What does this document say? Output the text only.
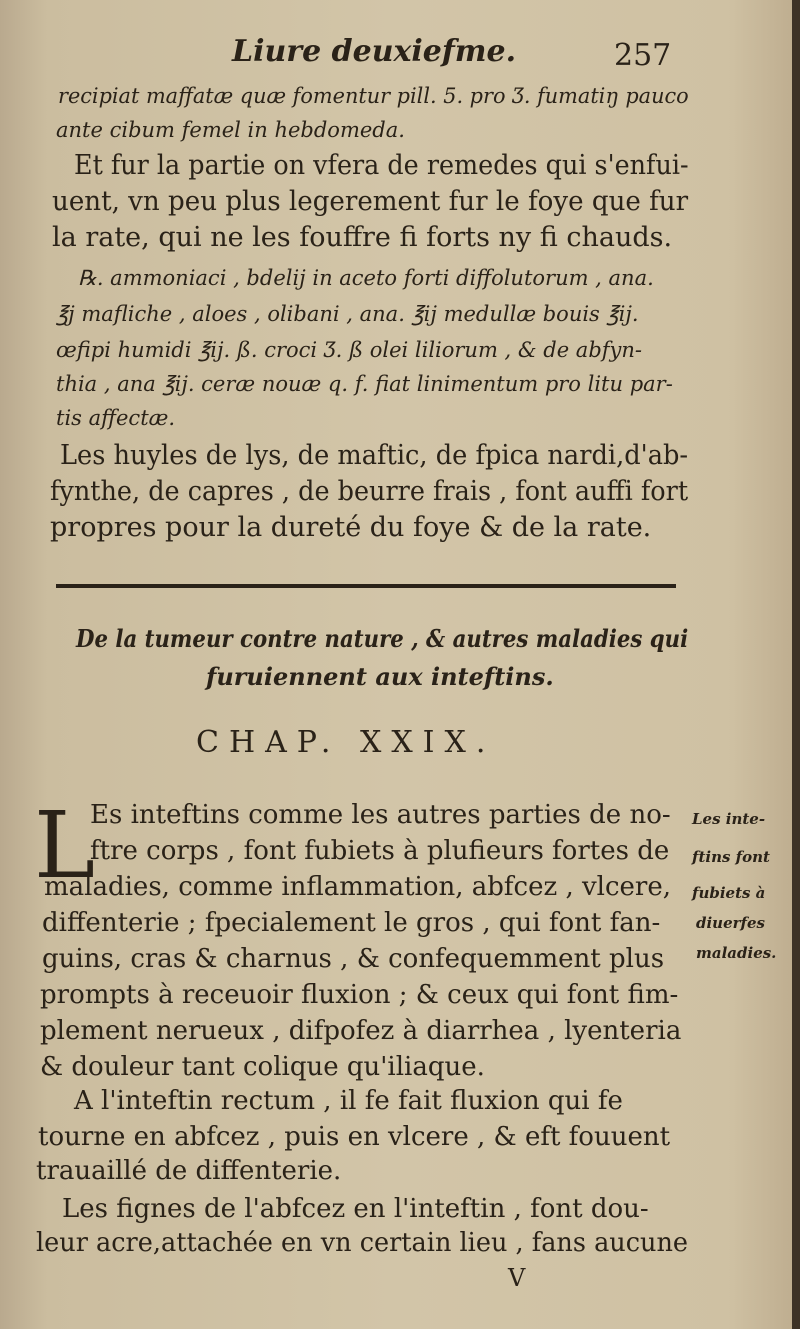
Liure deuxiefme.	257
recipiat maffatæ quæ fomentur pill. 5. pro Ʒ. fumatiŋ pauco
ante cibum femel in hebdomeda.
Et fur la partie on vfera de remedes qui s'enfui-
uent, vn peu plus legerement fur le foye que fur
la rate, qui ne les fouffre fi forts ny fi chauds.
℞. ammoniaci , bdelij in aceto forti diffolutorum , ana.
℥j mafliche , aloes , olibani , ana. ℥ij medullæ bouis ℥ij.
œfipi humidi ℥ij. ß. croci Ʒ. ß olei liliorum , & de abfyn-
thia , ana ℥ij. ceræ nouæ q. f. fiat linimentum pro litu par-
tis affectæ.
Les huyles de lys, de maftic, de fpica nardi,d'ab-
fynthe, de capres , de beurre frais , font auffi fort
propres pour la dureté du foye & de la rate.
De la tumeur contre nature , & autres maladies qui
furuiennent aux inteftins.
CHAP. XXIX.
L
Es inteftins comme les autres parties de no-
ftre corps , font fubiets à plufieurs fortes de
maladies, comme inflammation, abfcez , vlcere,
diffenterie ; fpecialement le gros , qui font fan-
guins, cras & charnus , & confequemment plus
prompts à receuoir fluxion ; & ceux qui font fim-
plement nerueux , difpofez à diarrhea , lyenteria
& douleur tant colique qu'iliaque.
A l'inteftin rectum , il fe fait fluxion qui fe
tourne en abfcez , puis en vlcere , & eft fouuent
trauaillé de diffenterie.
Les fignes de l'abfcez en l'inteftin , font dou-
leur acre,attachée en vn certain lieu , fans aucune
Les inte-
ftins font
fubiets à
diuerfes
maladies.
V
